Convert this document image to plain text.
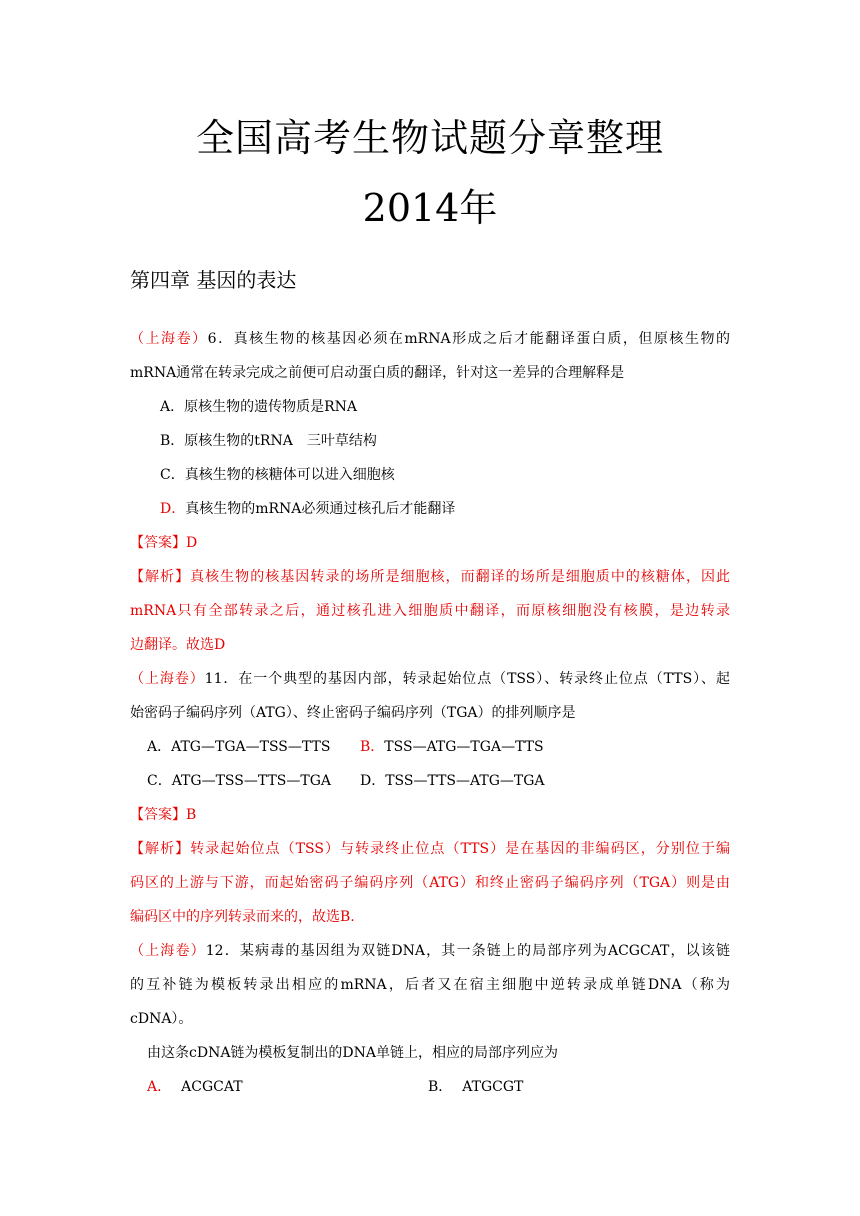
全国高考生物试题分章整理
2014年
第四章 基因的表达
（上海卷）6．真核生物的核基因必须在mRNA形成之后才能翻译蛋白质，但原核生物的
mRNA通常在转录完成之前便可启动蛋白质的翻译，针对这一差异的合理解释是
A．原核生物的遗传物质是RNA
B．原核生物的tRNA　三叶草结构
C．真核生物的核糖体可以进入细胞核
D．真核生物的mRNA必须通过核孔后才能翻译
【答案】D
【解析】真核生物的核基因转录的场所是细胞核，而翻译的场所是细胞质中的核糖体，因此
mRNA只有全部转录之后，通过核孔进入细胞质中翻译，而原核细胞没有核膜，是边转录
边翻译。故选D
（上海卷）11．在一个典型的基因内部，转录起始位点（TSS）、转录终止位点（TTS）、起
始密码子编码序列（ATG）、终止密码子编码序列（TGA）的排列顺序是
A．ATG—TGA—TSS—TTS	B．TSS—ATG—TGA—TTS
C．ATG—TSS—TTS—TGA	D．TSS—TTS—ATG—TGA
【答案】B
【解析】转录起始位点（TSS）与转录终止位点（TTS）是在基因的非编码区，分别位于编
码区的上游与下游，而起始密码子编码序列（ATG）和终止密码子编码序列（TGA）则是由
编码区中的序列转录而来的，故选B.
（上海卷）12．某病毒的基因组为双链DNA，其一条链上的局部序列为ACGCAT，以该链
的互补链为模板转录出相应的mRNA，后者又在宿主细胞中逆转录成单链DNA（称为
cDNA）。
由这条cDNA链为模板复制出的DNA单链上，相应的局部序列应为
A． ACGCAT	B． ATGCGT
